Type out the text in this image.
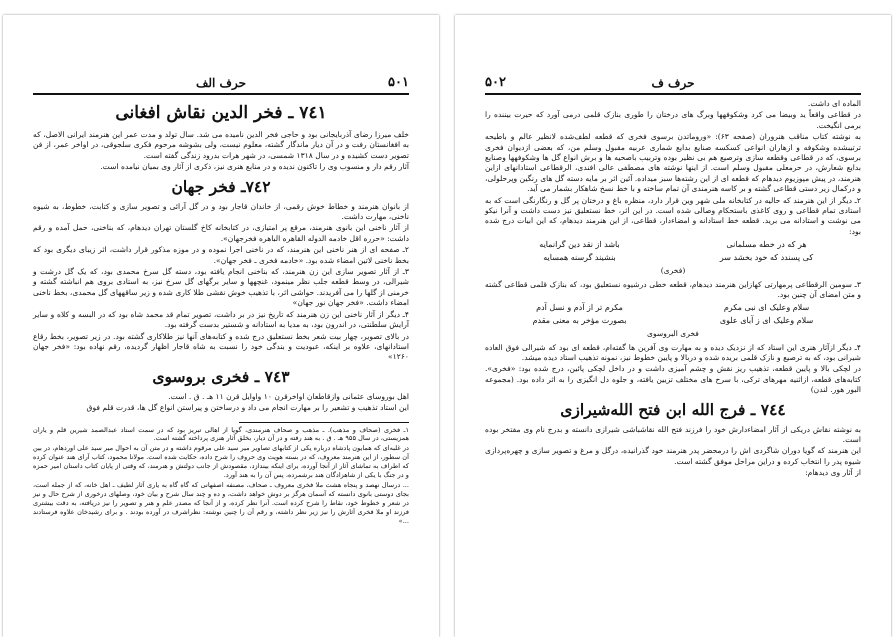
۵۰۱
حرف الف
٧٤١ ـ فخر الدین نقاش افغانی

خلف میرزا رضای آذربایجانی بود و حاجی فخر الدین نامیده می شد. سال تولد و مدت عمر این هنرمند ایرانی الاصل، که به افغانستان رفت و در آن دیار ماندگار گشته، معلوم نیست، ولی بشوشه مرحوم فکری سلجوقی، در اواخر عمر، از فن تصویر دست کشیده و در سال ۱۳۱۸ شمسی، در شهر هرات بدرود زندگی گفته است.

آثار رقم دار و منسوب وی را تاکنون ندیده و در منابع هنری نیز، ذکری از آثار وی بمیان نیامده است.

٧٤٢ـ فخر جهان

از بانوان هنرمند و خطاط خوش رقمی، از خاندان قاجار بود و در گل آرائی و تصویر سازی و کتابت، خطوط، به شیوه ناخنی، مهارت داشت.

از آثار ناخنی این بانوی هنرمند، مرقع پر امتیازی، در کتابخانه کاخ گلستان تهران دیدهام، که بناخنی، حمل آمده و رقم داشت: «حرره اقل خادمه الدوله القاهره الباهره فخرجهان».

۲ـ صفحه ای از هنر ناخنی این هنرمند، که در ناخنی اجرا نموده و در موزه مذکور قرار داشت، اثر زیبای دیگری بود که بخط ناخنی لاتین امضاء شده بود. «خادمه فخری ـ فخر جهان».

۳ـ از آثار تصویر سازی این زن هنرمند، که بناخنی انجام یافته بود، دسته گل سرخ محمدی بود، که یک گل درشت و شیرالی، در وسط قطعه جلب نظر مینمود، غنچهها و سایر برگهای گل سرخ نیز، به استادی بروی هم انباشته گشته و خرمنی از گلها را می آفریدند. حواشی اثر، با تذهیب خوش نقشی طلا کاری شده و زیر ساقههای گل محمدی، بخط ناخنی امضاء داشت. «فخر جهان نور جهان»

۴ـ دیگر از آثار ناخنی این زن هنرمند که تاریخ نیز در بر داشت، تصویر تمام قد محمد شاه بود که در البسه و کلاه و سایر آرایش سلطنتی، در اندرون بود، به مدیا به استادانه و شستیر بدست گرفته بود.

در بالای تصویر، چهار بیت شعر بخط نستعلیق درج شده و کتابه‌های آنها نیز طلاکاری گشته بود. در زیر تصویر، بخط رقاع استادانهای، علاوه بر اینکه، عبودیت و بندگی خود را نسبت به شاه قاجار اظهار گردیده، رقم نهاده بود: «فخر جهان ۱۲۶۰»

٧٤٣ ـ فخری بروسوی

اهل بوروسای عثمانی وازقاطعان اواخرقرن ۱۰ واوایل قرن ۱۱ هـ . ق . است.

این استاد تذهیب و تشعیر را بر مهارت انجام می داد و درساختن و پیراستن انواع گل ها، قدرت قلم فوق

۱ـ فخری (صحاف و مذهب). ـ مذهب و صحاف هنرمندی، گویا از اهالی تبریز بود که در سمت استاد عبدالصمد شیرین قلم و یاران همزیستی، در سال ۹۵۵ هـ . ق . به هند رفته و در آن دیار، بخلق آثار هنری پرداخته گشته است.

در غلبه‌ای که همایون پادشاه درباره یکی از کتابهای تصاویر میر سید علی مرقوم داشته و در متن آن به احوال میر سید علی اوردهام، در بین آن سطور، از این هنرمند معروف، که در بسته هویت وی حروف را شرح داده، حکایت شده است. مولانا محمود، کتاب آرای هند عنوان کرده که اطراف به تماشای آثار از آنجا آورده، برای اینکه بیندازد، مقصودش از جانب دولتش و هنرمند، که وقتی از پایان کتاب داستان امیر حمزه و در جنگ با یکی از شاهزادگان هند برشمرده، پس آن را به هند آورد.

... درسال نهصد و پنجاه هشت ملا فخری معروف ـ صحاف، مصنفه اصفهانی که گاه گاه به یاری آثار لطیف ـ اهل خانه، که از جمله است، بجای دوستی بانوی دانسته که آسمان هرگز بر دوش خواهد داشت، و ده و چند سال شرح و بیان خود، وصلهای درخوری از شرح حال و نیز در شعر و خطوط خود، نقاط را شرح کرده است. آنرا نظر کرده، و از آنجا که مصدر علم و هنر و تصویر را نیز دریافته، به دقت بیشتری فرزند او ملا فخری آثارش را نیز زیر نظر داشته، و رقم آن را چنین نوشته: نظراشرف در آورده بودند . و برای رشید‌خان علاوه فرستادند ...»

۵۰۲	حرف ف

الماده ای داشت.

در قطاعی واقعاً ید وبیضا می کرد وشکوفهها وبرگ های درختان را طوری بنازک قلمی درمی آورد که حیرت بیننده را برمی انگیخت.

به نوشته کتاب مناقب هنروران (صفحه ۶۳): «وروماتدن برسوی فخری که قطعه لطف‌شده لانظیر عالم و باطیحه ترتیبشده وشکوفه و ازهاران انواعی کسکسه صنایع بدایع شماری عربیه مقبول وسلم من، که بعضی ازدیوان فخری برسوی، که در قطاعی وقطعه سازی وترصیع هم بی نظیر بوده وتربیب باصحیه ها و برش انواع گل ها وشکوفهها وصنایع بدایع شعارش، در حرمعلی مقبول وسلم است. از اینها نوشته های مصطفی عالی افندی، الرقطاعی استادانهای ازاین هنرمند، در پیش مپوزیوم دیدهام که قطعه ای از این رشته‌ها سبز میداده. آئین اثر بر مایه دسته گل های رنگین وپرحلولی، و درکمال زیر دستی قطاعی گشته و بر کاسه هنرمندی آن تمام ساخته و با خط نسخ شاهکار بشمار می آید.

۲ـ دیگر از این هنرمند که حالیه در کتابخانه ملی شهر وین قرار دارد، منظره باغ و درختان پر گل و رنگارنگی است که به استادی تمام قطاعی و روی کاغذی باستحکام وصالی شده است. در این اثر، خط نستعلیق نیز دست داشت و آنرا نیکو می نوشت و استادانه می برید. قطعه خط استادانه و امضاءدار، قطاعی، از این هنرمند دیدهام، که این ابیات درج شده بود:

هر که در خطه مسلمانی
باشد از نقد دین گرانمایه
کی پسندد که خود بخشد سر
بنشیند گرسنه همسایه
(فخری)

۳ـ سومین الرقطاعی پرمهارتی کهازاین هنرمند دیدهام، قطعه خطی درشیوه نستعلیق بود، که بنازک قلمی قطاعی گشته و متن امضای آن چنین بود.

سلام وعلیک ای نبی مکرم
مکرم تر از آدم و نسل آدم
سلام وعلیک ای ز آبای علوی
بصورت مؤخر به معنی مقدم
فخری البروسوی

۴ـ دیگر ازآثار هنری این استاد که از نزدیک دیده و به مهارت وی آفرین ها گفته‌ام، قطعه ای بود که شیرالی فوق العاده شیرانی بود، که به ترصیع و نازک قلمی بریده شده و دربالا و پایین خطوط نیز، نمونه تذهیب استاد دیده میشد.

در لچکی بالا و پایین قطعه، تذهیب ریز نقش و چشم آمیزی داشت و در داخل لچکی پائین، درج شده بود: «فخری». کتابه‌های قطعه، ازاثنیه مهرهای ترکی، با سرح های مختلف تزیین یافته، و جلوه دل انگیزی را به اثر داده بود. (مجموعه البور هور. لندن)

٧٤٤ ـ فرج الله ابن فتح الله‌شیرازی

به نوشته نقاش دریکی از آثار امضاءدارش خود را فرزند فتح الله نقاشباشی شیرازی دانسته و بدرج نام وی مفتخر بوده است.

این هنرمند که گویا دوران شاگردی اش را درمحضر پدر هنرمند خود گذرانیده، درگل و مرغ و تصویر سازی و چهره‌پردازی شیوه پدر را انتخاب کرده و دراین مراحل موفق گشته است.

از آثار وی دیدهام:
